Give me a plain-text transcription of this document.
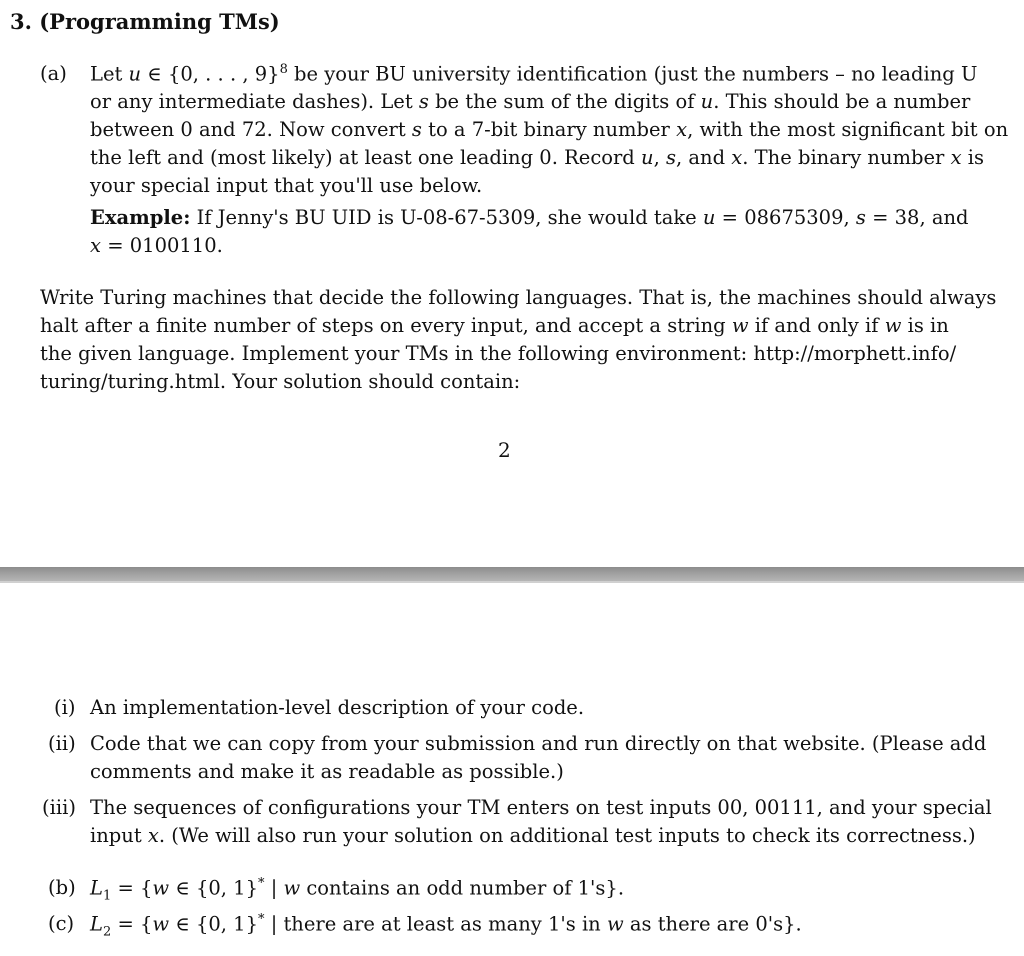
3. (Programming TMs)
(a) Let u ∈ {0, . . . , 9}$^8$ be your BU university identification (just the numbers – no leading U
or any intermediate dashes). Let s be the sum of the digits of u. This should be a number
between 0 and 72. Now convert s to a 7-bit binary number x, with the most significant bit on
the left and (most likely) at least one leading 0. Record u, s, and x. The binary number x is
your special input that you'll use below.
Example: If Jenny's BU UID is U-08-67-5309, she would take u = 08675309, s = 38, and
x = 0100110.
Write Turing machines that decide the following languages. That is, the machines should always
halt after a finite number of steps on every input, and accept a string w if and only if w is in
the given language. Implement your TMs in the following environment: http://morphett.info/
turing/turing.html. Your solution should contain:
2
(i) An implementation-level description of your code.
(ii) Code that we can copy from your submission and run directly on that website. (Please add
comments and make it as readable as possible.)
(iii) The sequences of configurations your TM enters on test inputs 00, 00111, and your special
input x. (We will also run your solution on additional test inputs to check its correctness.)
(b) $L_1 = \{w$ ∈ {0, 1}* | w contains an odd number of 1's}.
(c) $L_2 = \{w$ ∈ {0, 1}* | there are at least as many 1's in w as there are 0's}.
